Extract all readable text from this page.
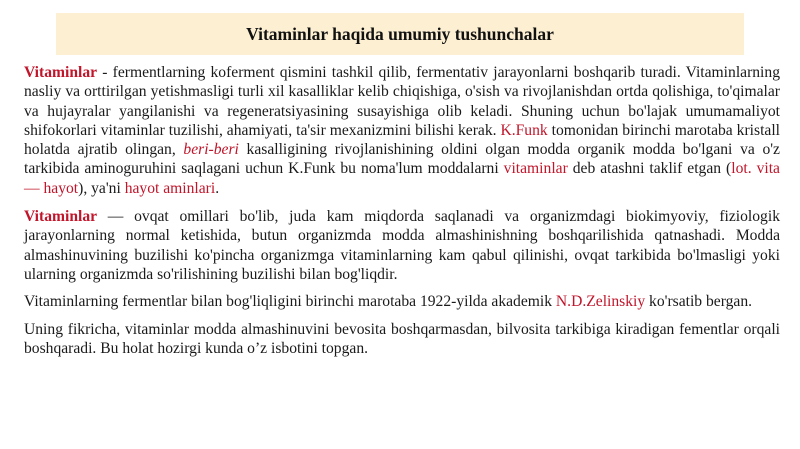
Vitaminlar haqida umumiy tushunchalar

Vitaminlar - fermentlarning koferment qismini tashkil qilib, fermentativ jarayonlarni boshqarib turadi. Vitaminlarning nasliy va orttirilgan yetishmasligi turli xil kasalliklar kelib chiqishiga, o'sish va rivojlanishdan ortda qolishiga, to'qimalar va hujayralar yangilanishi va regeneratsiyasining susayishiga olib keladi. Shuning uchun bo'lajak umumamaliyot shifokorlari vitaminlar tuzilishi, ahamiyati, ta'sir mexanizmini bilishi kerak. K.Funk tomonidan birinchi marotaba kristall holatda ajratib olingan, beri-beri kasalligining rivojlanishining oldini olgan modda organik modda bo'lgani va o'z tarkibida aminoguruhini saqlagani uchun K.Funk bu noma'lum moddalarni vitaminlar deb atashni taklif etgan (lot. vita — hayot), ya'ni hayot aminlari.

Vitaminlar — ovqat omillari bo'lib, juda kam miqdorda saqlanadi va organizmdagi biokimyoviy, fiziologik jarayonlarning normal ketishida, butun organizmda modda almashinishning boshqarilishida qatnashadi. Modda almashinuvining buzilishi ko'pincha organizmga vitaminlarning kam qabul qilinishi, ovqat tarkibida bo'lmasligi yoki ularning organizmda so'rilishining buzilishi bilan bog'liqdir.

Vitaminlarning fermentlar bilan bog'liqligini birinchi marotaba 1922-yilda akademik N.D.Zelinskiy ko'rsatib bergan.

Uning fikricha, vitaminlar modda almashinuvini bevosita boshqarmasdan, bilvosita tarkibiga kiradigan fementlar orqali boshqaradi. Bu holat hozirgi kunda o’z isbotini topgan.
